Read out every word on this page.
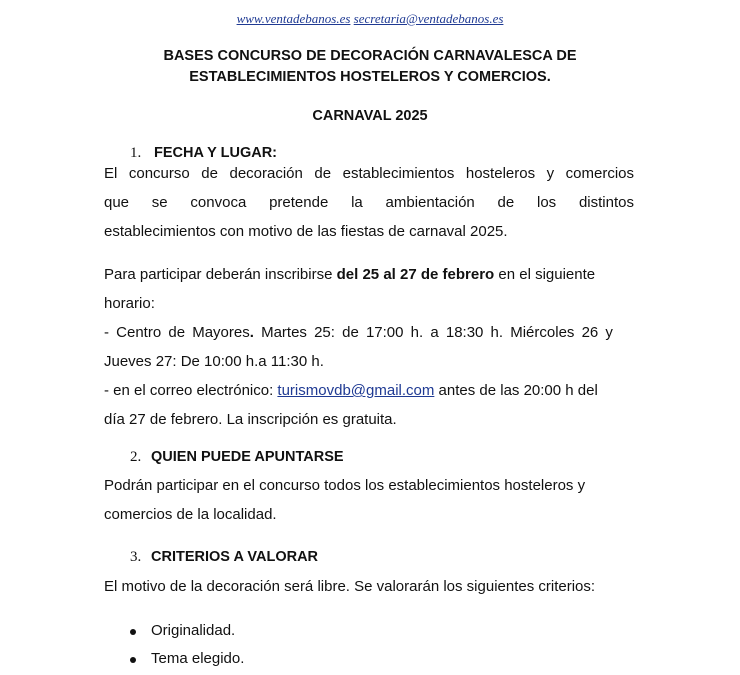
www.ventadebanos.es secretaria@ventadebanos.es
BASES CONCURSO DE DECORACIÓN CARNAVALESCA DE
ESTABLECIMIENTOS HOSTELEROS Y COMERCIOS.
CARNAVAL 2025
1. FECHA Y LUGAR:
El concurso de decoración de establecimientos hosteleros y comercios
que se convoca pretende la ambientación de los distintos
establecimientos con motivo de las fiestas de carnaval 2025.
Para participar deberán inscribirse del 25 al 27 de febrero en el siguiente
horario:
- Centro de Mayores. Martes 25: de 17:00 h. a 18:30 h. Miércoles 26 y
Jueves 27: De 10:00 h.a 11:30 h.
- en el correo electrónico: turismovdb@gmail.com antes de las 20:00 h del
día 27 de febrero. La inscripción es gratuita.
2. QUIEN PUEDE APUNTARSE
Podrán participar en el concurso todos los establecimientos hosteleros y
comercios de la localidad.
3. CRITERIOS A VALORAR
El motivo de la decoración será libre. Se valorarán los siguientes criterios:
Originalidad.
Tema elegido.
